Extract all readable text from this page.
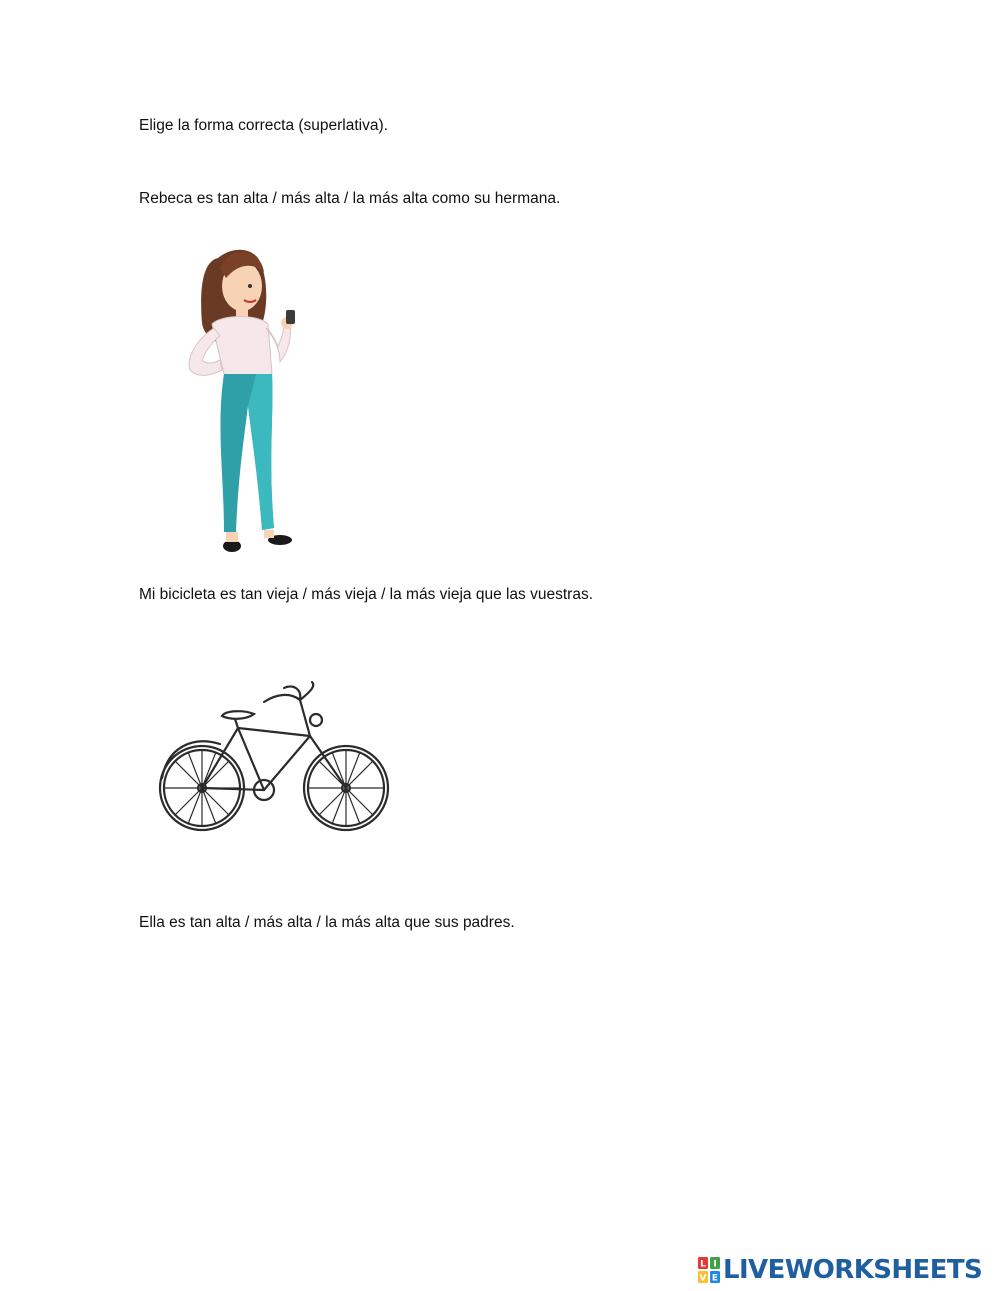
Elige la forma correcta (superlativa).
Rebeca es tan alta / más alta / la más alta como su hermana.
Mi bicicleta es tan vieja / más vieja / la más vieja que las vuestras.
Ella es tan alta / más alta / la más alta que sus padres.
L I
V E LIVEWORKSHEETS
